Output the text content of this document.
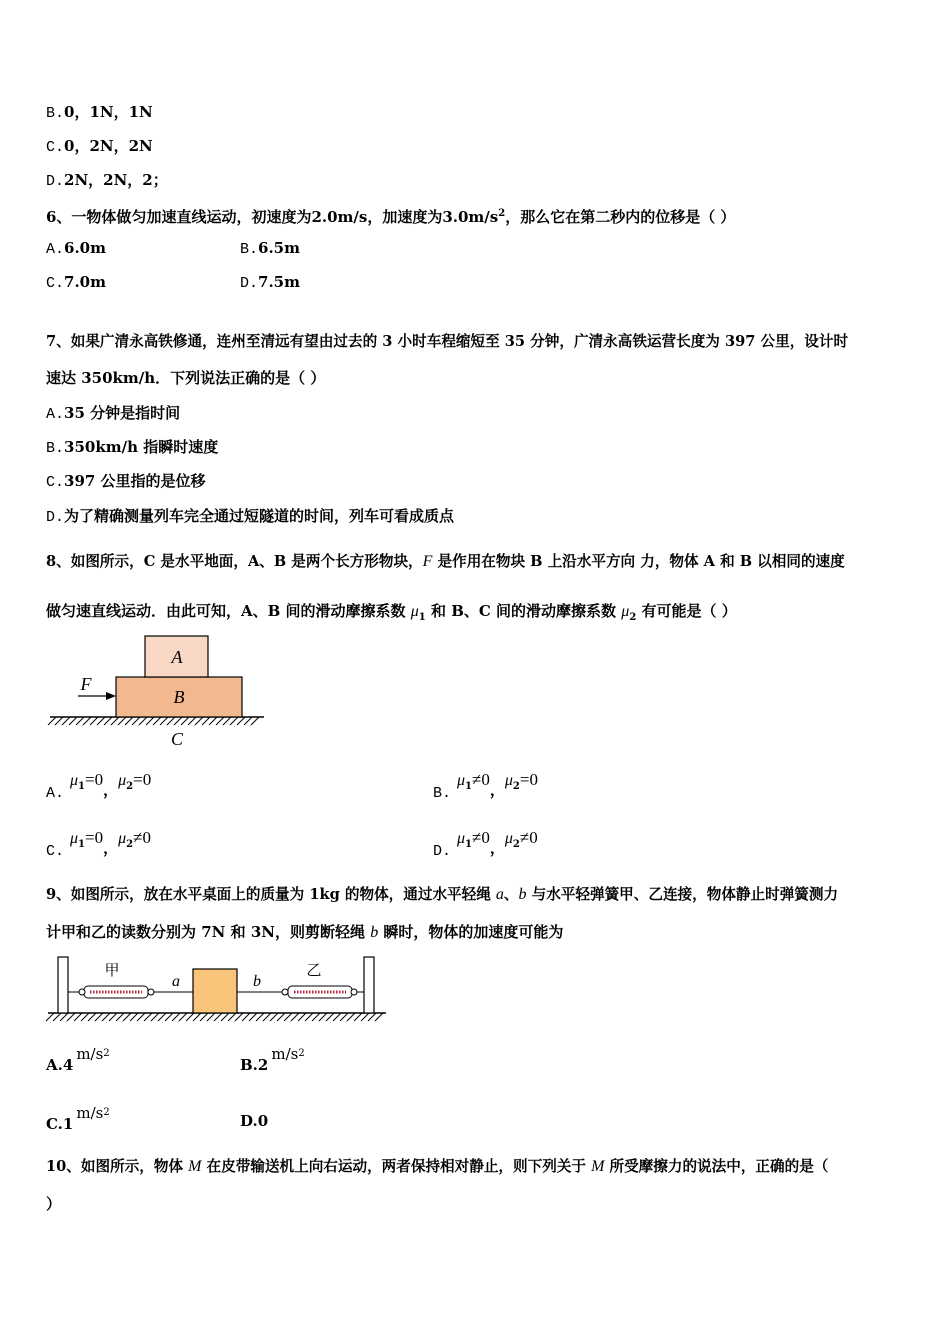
B.0，1N，1N
C.0，2N，2N
D.2N，2N，2；
6、一物体做匀加速直线运动，初速度为2.0m/s，加速度为$3.0m/s^2$，那么它在第二秒内的位移是（ ）
A.6.0m	B.6.5m
C.7.0m	D.7.5m
7、如果广清永高铁修通，连州至清远有望由过去的 3 小时车程缩短至 35 分钟，广清永高铁运营长度为 397 公里，设计时
速达 350km/h．下列说法正确的是（ ）
A.35 分钟是指时间
B.350km/h 指瞬时速度
C.397 公里指的是位移
D.为了精确测量列车完全通过短隧道的时间，列车可看成质点
8、如图所示，C 是水平地面，A、B 是两个长方形物块，F 是作用在物块 B 上沿水平方向 力，物体 A 和 B 以相同的速度
做匀速直线运动．由此可知，A、B 间的滑动摩擦系数 $\mu_1$ 和 B、C 间的滑动摩擦系数 $\mu_2$ 有可能是（ ）
A
B
F
C
$A.\mu_1=0$，$\mu_2=0$
$B.\mu_1\ne 0$，$\mu_2=0$
$C.\mu_1=0$，$\mu_2\ne 0$
$D.\mu_1\ne 0$，$\mu_2\ne 0$
9、如图所示，放在水平桌面上的质量为 1kg 的物体，通过水平轻绳 a、b 与水平轻弹簧甲、乙连接，物体静止时弹簧测力
计甲和乙的读数分别为 7N 和 3N，则剪断轻绳 b 瞬时，物体的加速度可能为
甲	乙
a	b
$A.4m/s^2$
$B.2m/s^2$
$C.1m/s^2$	D.0
10、如图所示，物体 M 在皮带输送机上向右运动，两者保持相对静止，则下列关于 M 所受摩擦力的说法中，正确的是（
）
